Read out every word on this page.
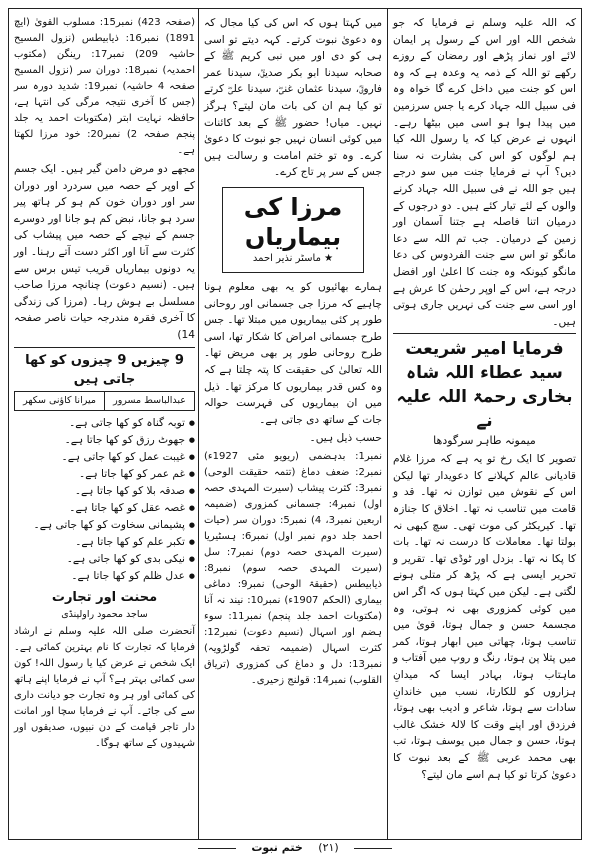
کہ اللہ علیہ وسلم نے فرمایا کہ جو شخص اللہ اور اس کے رسول پر ایمان لائے اور نماز پڑھے اور رمضان کے روزے رکھے تو اللہ کے ذمہ یہ وعدہ ہے کہ وہ اس کو جنت میں داخل کرے گا خواہ وہ فی سبیل اللہ جہاد کرے یا جس سرزمین میں پیدا ہوا ہو اسی میں بیٹھا رہے۔ انہوں نے عرض کیا کہ یا رسول اللہ کیا ہم لوگوں کو اس کی بشارت نہ سنا دیں؟ آپ نے فرمایا جنت میں سو درجے ہیں جو اللہ نے فی سبیل اللہ جہاد کرنے والوں کے لئے تیار کئے ہیں۔ دو درجوں کے درمیان اتنا فاصلہ ہے جتنا آسمان اور زمین کے درمیان۔ جب تم اللہ سے دعا مانگو تو اس سے جنت الفردوس کی دعا مانگو کیونکہ وہ جنت کا اعلیٰ اور افضل درجہ ہے، اس کے اوپر رحمٰن کا عرش ہے اور اسی سے جنت کی نہریں جاری ہوتی ہیں۔

فرمایا امیر شریعت سید عطاء اللہ شاہ بخاری رحمۃ اللہ علیہ نے
میمونہ طاہر سرگودھا

تصویر کا ایک رخ تو یہ ہے کہ مرزا غلام قادیانی عالم کہلانے کا دعویدار تھا لیکن اس کے نقوش میں توازن نہ تھا۔ قد و قامت میں تناسب نہ تھا۔ اخلاق کا جنازہ تھا۔ کیریکٹر کی موت تھی۔ سچ کبھی نہ بولتا تھا۔ معاملات کا درست نہ تھا۔ بات کا پکا نہ تھا۔ بزدل اور ٹوڈی تھا۔ تقریر و تحریر ایسی ہے کہ پڑھ کر متلی ہونے لگتی ہے۔ لیکن میں کہتا ہوں کہ اگر اس میں کوئی کمزوری بھی نہ ہوتی، وہ مجسمۂ حسن و جمال ہوتا، قویٰ میں تناسب ہوتا، چھاتی میں ابھار ہوتا، کمر میں پتلا پن ہوتا، رنگ و روپ میں آفتاب و ماہتاب ہوتا، بہادر ایسا کہ میدانِ ہزاروں کو للکارتا، نسب میں خاندانِ سادات سے ہوتا، شاعر و ادیب بھی ہوتا، فرزدق اور اپنے وقت کا لالۂ خشک غالب ہوتا، حسن و جمال میں یوسف ہوتا، تب بھی محمد عربی ﷺ کے بعد نبوت کا دعویٰ کرتا تو کیا ہم اسے مان لیتے؟

میں کہتا ہوں کہ اس کی کیا مجال کہ وہ دعویٰ نبوت کرتے۔ کہہ دیتے تو اسی ہی کو دی اور میں نبی کریم ﷺ کے صحابہ سیدنا ابو بکر صدیقؓ، سیدنا عمر فاروقؓ، سیدنا عثمان غنیؓ، سیدنا علیؓ کرتے تو کیا ہم ان کی بات مان لیتے؟ ہرگز نہیں۔ میاں! حضور ﷺ کے بعد کائنات میں کوئی انسان نہیں جو نبوت کا دعویٰ کرے۔ وہ تو ختم امامت و رسالت ہیں جس کے سر پر تاج کرے۔

مرزا کی بیماریاں
★ ماسٹر نذیر احمد

ہمارے بھائیوں کو یہ بھی معلوم ہونا چاہیے کہ مرزا جی جسمانی اور روحانی طور پر کئی بیماریوں میں مبتلا تھا۔ جس طرح جسمانی امراض کا شکار تھا، اسی طرح روحانی طور پر بھی مریض تھا۔ اللہ تعالیٰ کی حقیقت کا پتہ چلتا ہے کہ وہ کس قدر بیماریوں کا مرکز تھا۔ ذیل میں ان بیماریوں کی فہرست حوالہ جات کے ساتھ دی جاتی ہے۔

حسب ذیل ہیں۔

نمبر1: بدہضمی (ریویو مئی 1927ء) نمبر2: ضعف دماغ (تتمہ حقیقت الوحی) نمبر3: کثرت پیشاب (سیرت المہدی حصہ اول) نمبر4: جسمانی کمزوری (ضمیمہ اربعین نمبر3، 4) نمبر5: دوران سر (حیات احمد جلد دوم نمبر اول) نمبر6: ہسٹیریا (سیرت المہدی حصہ دوم) نمبر7: سل (سیرت المہدی حصہ سوم) نمبر8: ذیابیطس (حقیقۃ الوحی) نمبر9: دماغی بیماری (الحکم 1907ء) نمبر10: نیند نہ آنا (مکتوبات احمد جلد پنجم) نمبر11: سوء ہضم اور اسہال (نسیم دعوت) نمبر12: کثرت اسہال (ضمیمہ تحفہ گولڑویہ) نمبر13: دل و دماغ کی کمزوری (تریاق القلوب) نمبر14: قولنج زحیری۔

(صفحہ 423) نمبر15: مسلوب القویٰ (ایچ 1891) نمبر16: ذیابیطس (نزول المسیح حاشیہ 209) نمبر17: رینگن (مکتوب احمدیہ) نمبر18: دوران سر (نزول المسیح صفحہ 4 حاشیہ) نمبر19: شدید دورہ سر (جس کا آخری نتیجہ مرگی کی انتہا ہے، حافظہ نہایت ابتر (مکتوبات احمد یہ جلد پنجم صفحہ 2) نمبر20: خود مرزا لکھتا ہے۔

مجھے دو مرض دامن گیر ہیں۔ ایک جسم کے اوپر کے حصہ میں سردرد اور دوران سر اور دوران خون کم ہو کر ہاتھ پیر سرد ہو جانا، نبض کم ہو جانا اور دوسرے جسم کے نیچے کے حصہ میں پیشاب کی کثرت سے آنا اور اکثر دست آتے رہنا۔ اور یہ دونوں بیماریاں قریب تیس برس سے ہیں۔ (نسیم دعوت) چنانچہ مرزا صاحب مسلسل بے ہوش رہا۔ (مرزا کی زندگی کا آخری فقرہ مندرجہ حیات ناصر صفحہ 14)

9 چیزیں 9 چیزوں کو کھا جاتی ہیں
عبدالباسط مسرور	میرانا کاؤنی سکھر
● توبہ گناہ کو کھا جاتی ہے۔
● جھوٹ رزق کو کھا جاتا ہے۔
● غیبت عمل کو کھا جاتی ہے۔
● غم عمر کو کھا جاتا ہے۔
● صدقہ بلا کو کھا جاتا ہے۔
● غصہ عقل کو کھا جاتا ہے۔
● پشیمانی سخاوت کو کھا جاتی ہے۔
● تکبر علم کو کھا جاتا ہے۔
● نیکی بدی کو کھا جاتی ہے۔
● عدل ظلم کو کھا جاتا ہے۔
محنت اور تجارت
ساجد محمود راولپنڈی

آنحضرت صلی اللہ علیہ وسلم نے ارشاد فرمایا کہ تجارت کا نام بہترین کمائی ہے۔ ایک شخص نے عرض کیا یا رسول اللہ! کون سی کمائی بہتر ہے؟ آپ نے فرمایا اپنے ہاتھ کی کمائی اور ہر وہ تجارت جو دیانت داری سے کی جائے۔ آپ نے فرمایا سچا اور امانت دار تاجر قیامت کے دن نبیوں، صدیقوں اور شہیدوں کے ساتھ ہوگا۔

(۲۱) ختم نبوت
